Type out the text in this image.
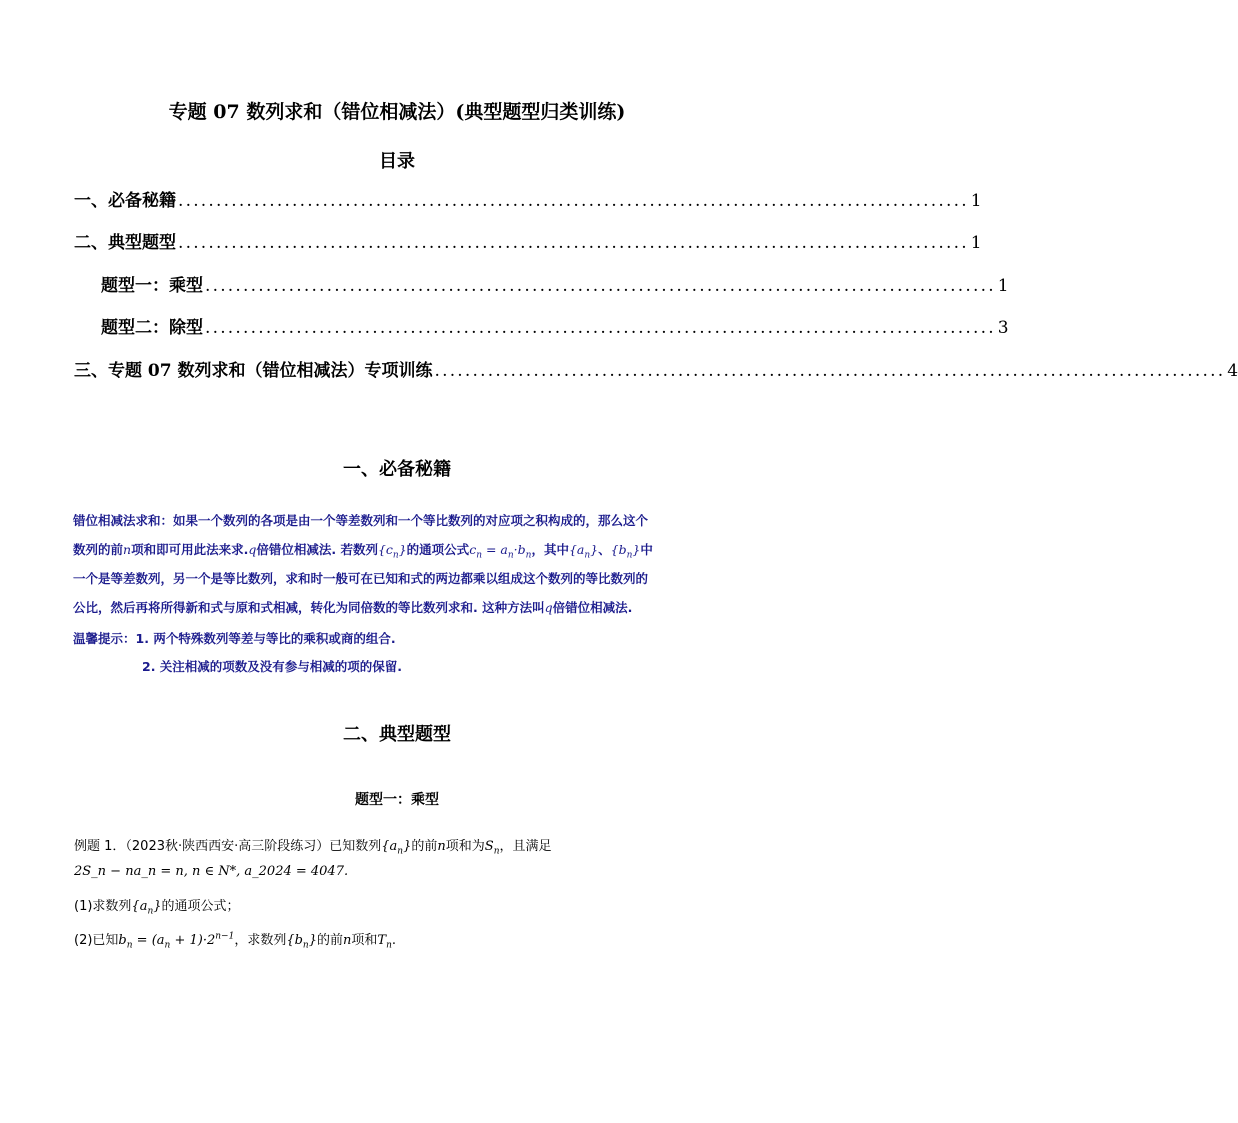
专题 07 数列求和（错位相减法）(典型题型归类训练)
目录
一、必备秘籍 ........................................................................................................ 1
二、典型题型 ........................................................................................................ 1
题型一：乘型 ........................................................................................................ 1
题型二：除型 ........................................................................................................ 3
三、专题 07 数列求和（错位相减法）专项训练 ........................................................................................................ 4
一、必备秘籍
错位相减法求和：如果一个数列的各项是由一个等差数列和一个等比数列的对应项之积构成的，那么这个
数列的前n项和即可用此法来求.q倍错位相减法. 若数列$\{c_n\}$的通项公式$c_n = a_n\cdot b_n$，其中$\{a_n\}$、$\{b_n\}$中
一个是等差数列，另一个是等比数列，求和时一般可在已知和式的两边都乘以组成这个数列的等比数列的
公比，然后再将所得新和式与原和式相减，转化为同倍数的等比数列求和. 这种方法叫q倍错位相减法.
温馨提示：1. 两个特殊数列等差与等比的乘积或商的组合.
2. 关注相减的项数及没有参与相减的项的保留.
二、典型题型
题型一：乘型
例题 1．（2023秋·陕西西安·高三阶段练习）已知数列$\{a_n\}$的前n项和为$S_n$，且满足
2S_n − na_n = n, n ∈ N*, a_2024 = 4047.
(1)求数列$\{a_n\}$的通项公式；
(2)已知$b_n = (a_n + 1)\cdot 2^{n-1}$，求数列$\{b_n\}$的前n项和$T_n$.
